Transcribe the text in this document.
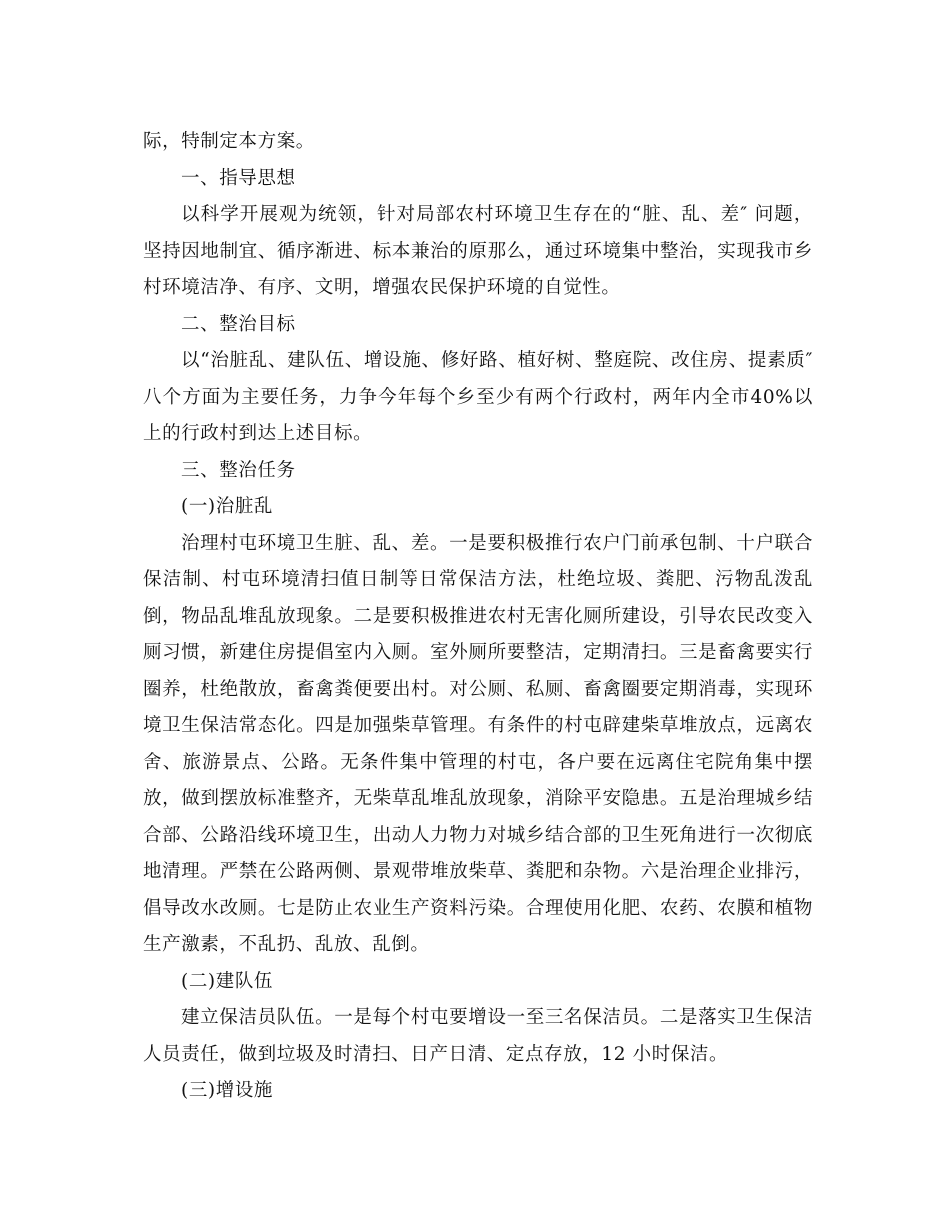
际，特制定本方案。

一、指导思想

以科学开展观为统领，针对局部农村环境卫生存在的“脏、乱、差″ 问题，坚持因地制宜、循序渐进、标本兼治的原那么，通过环境集中整治，实现我市乡村环境洁净、有序、文明，增强农民保护环境的自觉性。

二、整治目标

以“治脏乱、建队伍、增设施、修好路、植好树、整庭院、改住房、提素质″八个方面为主要任务，力争今年每个乡至少有两个行政村，两年内全市40%以上的行政村到达上述目标。

三、整治任务

(一)治脏乱

治理村屯环境卫生脏、乱、差。一是要积极推行农户门前承包制、十户联合保洁制、村屯环境清扫值日制等日常保洁方法，杜绝垃圾、粪肥、污物乱泼乱倒，物品乱堆乱放现象。二是要积极推进农村无害化厕所建设，引导农民改变入厕习惯，新建住房提倡室内入厕。室外厕所要整洁，定期清扫。三是畜禽要实行圈养，杜绝散放，畜禽粪便要出村。对公厕、私厕、畜禽圈要定期消毒，实现环境卫生保洁常态化。四是加强柴草管理。有条件的村屯辟建柴草堆放点，远离农舍、旅游景点、公路。无条件集中管理的村屯，各户要在远离住宅院角集中摆放，做到摆放标准整齐，无柴草乱堆乱放现象，消除平安隐患。五是治理城乡结合部、公路沿线环境卫生，出动人力物力对城乡结合部的卫生死角进行一次彻底地清理。严禁在公路两侧、景观带堆放柴草、粪肥和杂物。六是治理企业排污，倡导改水改厕。七是防止农业生产资料污染。合理使用化肥、农药、农膜和植物生产激素，不乱扔、乱放、乱倒。

(二)建队伍

建立保洁员队伍。一是每个村屯要增设一至三名保洁员。二是落实卫生保洁人员责任，做到垃圾及时清扫、日产日清、定点存放，12 小时保洁。

(三)增设施
